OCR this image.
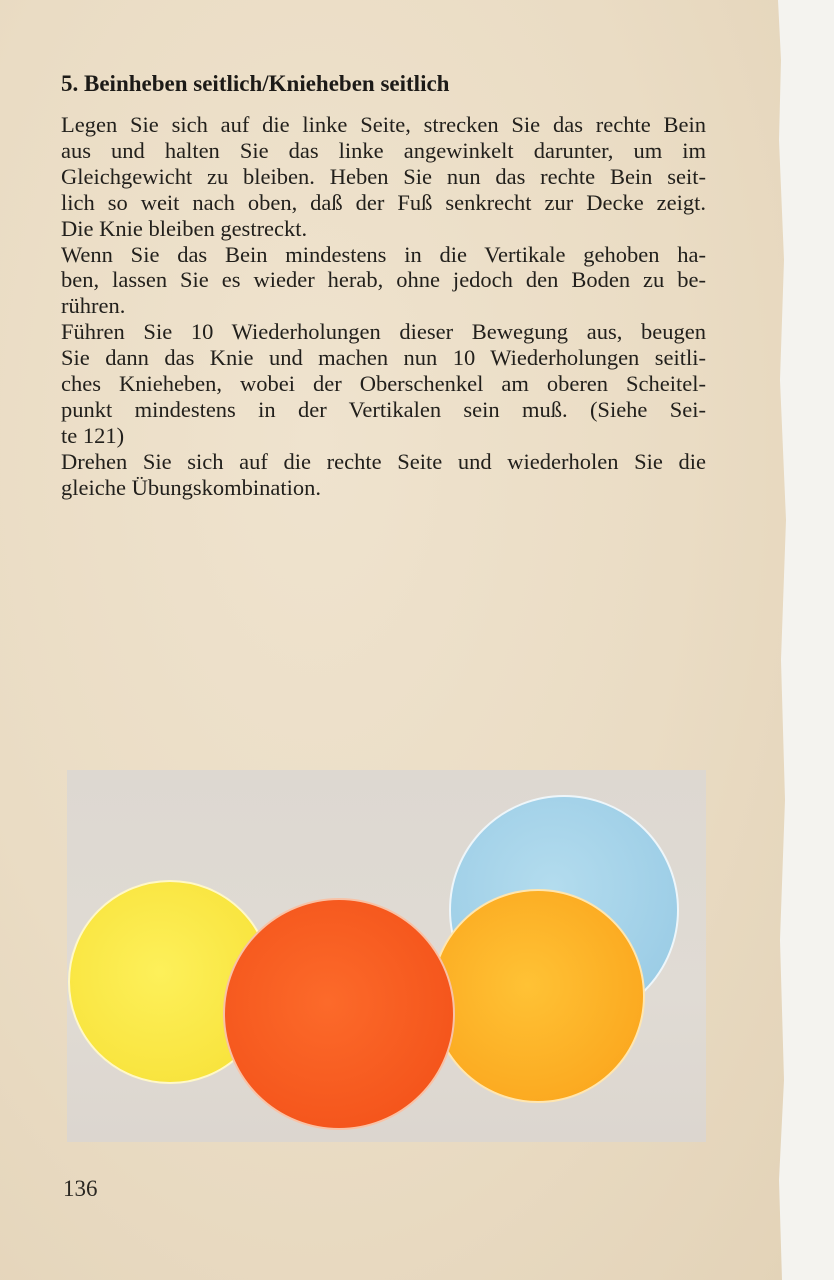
5. Beinheben seitlich/Knieheben seitlich
Legen Sie sich auf die linke Seite, strecken Sie das rechte Bein
aus und halten Sie das linke angewinkelt darunter, um im
Gleichgewicht zu bleiben. Heben Sie nun das rechte Bein seit-
lich so weit nach oben, daß der Fuß senkrecht zur Decke zeigt.
Die Knie bleiben gestreckt.
Wenn Sie das Bein mindestens in die Vertikale gehoben ha-
ben, lassen Sie es wieder herab, ohne jedoch den Boden zu be-
rühren.
Führen Sie 10 Wiederholungen dieser Bewegung aus, beugen
Sie dann das Knie und machen nun 10 Wiederholungen seitli-
ches Knieheben, wobei der Oberschenkel am oberen Scheitel-
punkt mindestens in der Vertikalen sein muß. (Siehe Sei-
te 121)
Drehen Sie sich auf die rechte Seite und wiederholen Sie die
gleiche Übungskombination.
136
